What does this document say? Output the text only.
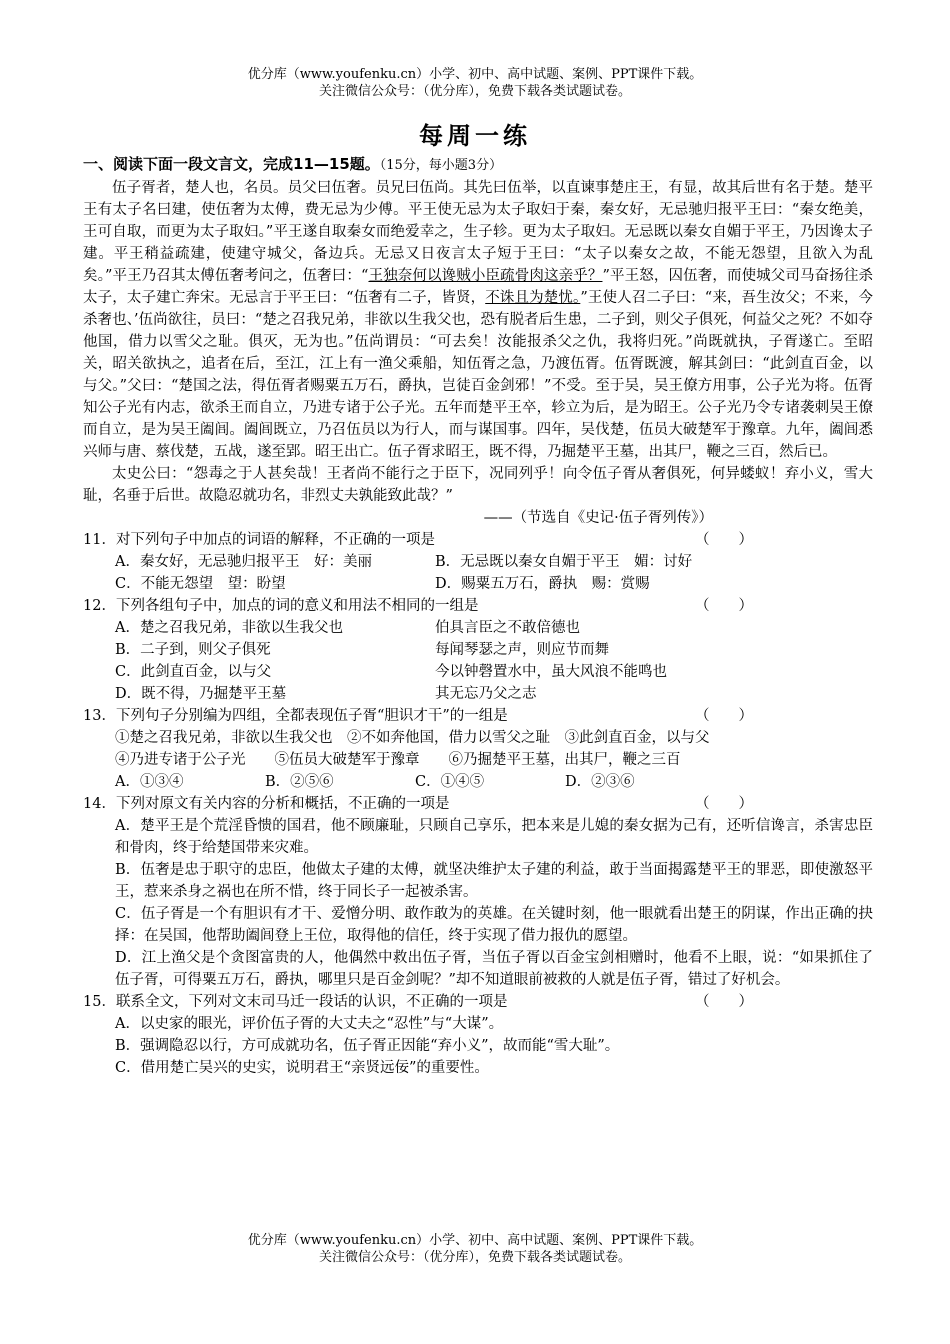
优分库（www.youfenku.cn）小学、初中、高中试题、案例、PPT课件下载。
关注微信公众号：（优分库），免费下载各类试题试卷。
每周一练
一、阅读下面一段文言文，完成11—15题。（15分，每小题3分）

伍子胥者，楚人也，名员。员父曰伍奢。员兄曰伍尚。其先曰伍举，以直谏事楚庄王，有显，故其后世有名于楚。楚平王有太子名曰建，使伍奢为太傅，费无忌为少傅。平王使无忌为太子取妇于秦，秦女好，无忌驰归报平王曰：“秦女绝美，王可自取，而更为太子取妇。”平王遂自取秦女而绝爱幸之，生子轸。更为太子取妇。无忌既以秦女自媚于平王，乃因谗太子建。平王稍益疏建，使建守城父，备边兵。无忌又日夜言太子短于王曰：“太子以秦女之故，不能无怨望，且欲入为乱矣。”平王乃召其太傅伍奢考问之，伍奢曰：“王独奈何以谗贼小臣疏骨肉这亲乎？”平王怒，囚伍奢，而使城父司马奋扬往杀太子，太子建亡奔宋。无忌言于平王曰：“伍奢有二子，皆贤，不诛且为楚忧。”王使人召二子曰：“来，吾生汝父；不来，今杀奢也、’伍尚欲往，员曰：“楚之召我兄弟，非欲以生我父也，恐有脱者后生患，二子到，则父子俱死，何益父之死？不如夺他国，借力以雪父之耻。俱灭，无为也。”伍尚谓员：“可去矣！汝能报杀父之仇，我将归死。”尚既就执，子胥遂亡。至昭关，昭关欲执之，追者在后，至江，江上有一渔父乘船，知伍胥之急，乃渡伍胥。伍胥既渡，解其剑曰：“此剑直百金，以与父。”父曰：“楚国之法，得伍胥者赐粟五万石，爵执，岂徒百金剑邪！”不受。至于吴，吴王僚方用事，公子光为将。伍胥知公子光有内志，欲杀王而自立，乃进专诸于公子光。五年而楚平王卒，轸立为后，是为昭王。公子光乃令专诸袭刺吴王僚而自立，是为吴王阖闾。阖闾既立，乃召伍员以为行人，而与谋国事。四年，吴伐楚，伍员大破楚军于豫章。九年，阖闾悉兴师与唐、蔡伐楚，五战，遂至郢。昭王出亡。伍子胥求昭王，既不得，乃掘楚平王墓，出其尸，鞭之三百，然后已。

太史公曰：“怨毒之于人甚矣哉！王者尚不能行之于臣下，况同列乎！向令伍子胥从奢俱死，何异蝼蚁！弃小义，雪大耻，名垂于后世。故隐忍就功名，非烈丈夫孰能致此哉？”

——（节选自《史记·伍子胥列传》）

11．对下列句子中加点的词语的解释，不正确的一项是	（　　）
A．秦女好，无忌驰归报平王　好：美丽	B．无忌既以秦女自媚于平王　媚：讨好
C．不能无怨望　望：盼望	D．赐粟五万石，爵执　赐：赏赐
12．下列各组句子中，加点的词的意义和用法不相同的一组是	（　　）
A．楚之召我兄弟，非欲以生我父也	伯具言臣之不敢倍德也
B．二子到，则父子俱死	每闻琴瑟之声，则应节而舞
C．此剑直百金，以与父	今以钟磬置水中，虽大风浪不能鸣也
D．既不得，乃掘楚平王墓	其无忘乃父之志
13．下列句子分别编为四组，全都表现伍子胥“胆识才干”的一组是	（　　）
①楚之召我兄弟，非欲以生我父也　②不如奔他国，借力以雪父之耻　③此剑直百金，以与父
④乃进专诸于公子光　　⑤伍员大破楚军于豫章　　⑥乃掘楚平王墓，出其尸，鞭之三百
A．①③④	B．②⑤⑥	C．①④⑤	D．②③⑥
14．下列对原文有关内容的分析和概括，不正确的一项是	（　　）
A．楚平王是个荒淫昏愦的国君，他不顾廉耻，只顾自己享乐，把本来是儿媳的秦女据为己有，还听信谗言，杀害忠臣和骨肉，终于给楚国带来灾难。
B．伍奢是忠于职守的忠臣，他做太子建的太傅，就坚决维护太子建的利益，敢于当面揭露楚平王的罪恶，即使激怒平王，惹来杀身之祸也在所不惜，终于同长子一起被杀害。
C．伍子胥是一个有胆识有才干、爱憎分明、敢作敢为的英雄。在关键时刻，他一眼就看出楚王的阴谋，作出正确的抉择：在吴国，他帮助阖闾登上王位，取得他的信任，终于实现了借力报仇的愿望。
D．江上渔父是个贪图富贵的人，他偶然中救出伍子胥，当伍子胥以百金宝剑相赠时，他看不上眼，说：“如果抓住了伍子胥，可得粟五万石，爵执，哪里只是百金剑呢？”却不知道眼前被救的人就是伍子胥，错过了好机会。
15．联系全文，下列对文末司马迁一段话的认识，不正确的一项是	（　　）
A．以史家的眼光，评价伍子胥的大丈夫之“忍性”与“大谋”。
B．强调隐忍以行，方可成就功名，伍子胥正因能“弃小义”，故而能“雪大耻”。
C．借用楚亡吴兴的史实，说明君王“亲贤远佞”的重要性。
优分库（www.youfenku.cn）小学、初中、高中试题、案例、PPT课件下载。
关注微信公众号：（优分库），免费下载各类试题试卷。
